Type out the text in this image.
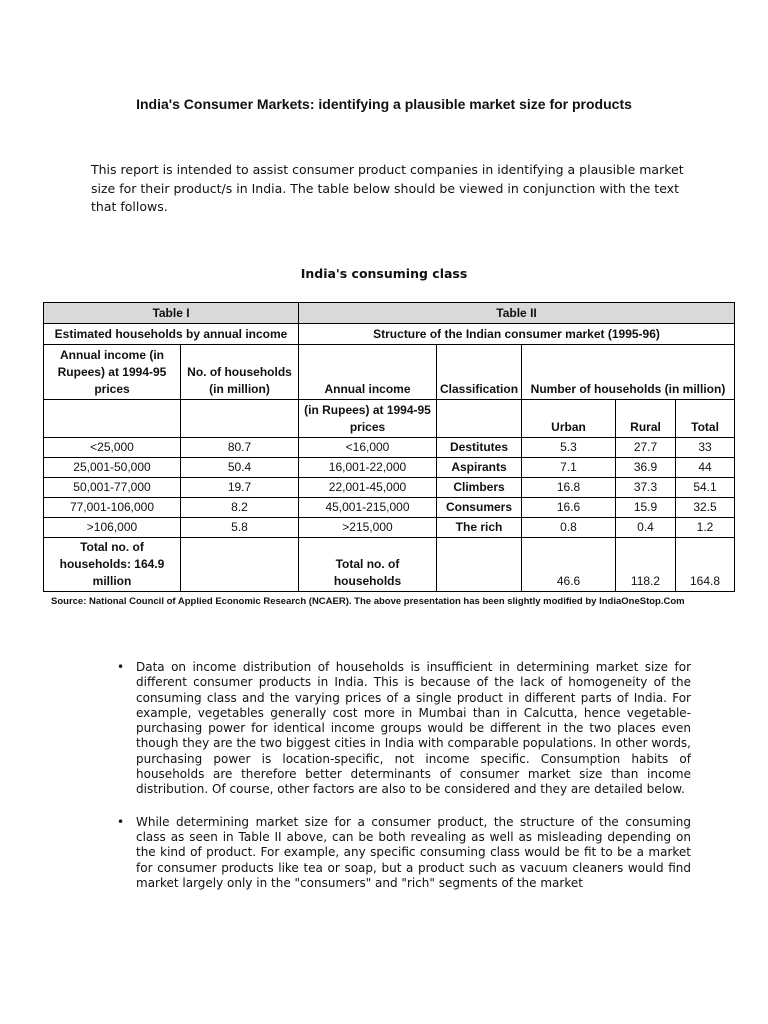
India's Consumer Markets: identifying a plausible market size for products
This report is intended to assist consumer product companies in identifying a plausible market size for their product/s in India. The table below should be viewed in conjunction with the text that follows.
India's consuming class
Table I		Table II				
Estimated households by annual income		Structure of the Indian consumer market (1995-96)				
Annual income (in Rupees) at 1994-95 prices	No. of households (in million)	Annual income	Classification	Number of households (in million)		
		(in Rupees) at 1994-95 prices		Urban	Rural	Total
<25,000	80.7	<16,000	Destitutes	5.3	27.7	33
25,001-50,000	50.4	16,001-22,000	Aspirants	7.1	36.9	44
50,001-77,000	19.7	22,001-45,000	Climbers	16.8	37.3	54.1
77,001-106,000	8.2	45,001-215,000	Consumers	16.6	15.9	32.5
>106,000	5.8	>215,000	The rich	0.8	0.4	1.2
Total no. of households: 164.9 million		Total no. of households		46.6	118.2	164.8
Source: National Council of Applied Economic Research (NCAER). The above presentation has been slightly modified by IndiaOneStop.Com
• Data on income distribution of households is insufficient in determining market size for different consumer products in India. This is because of the lack of homogeneity of the consuming class and the varying prices of a single product in different parts of India. For example, vegetables generally cost more in Mumbai than in Calcutta, hence vegetable-purchasing power for identical income groups would be different in the two places even though they are the two biggest cities in India with comparable populations. In other words, purchasing power is location-specific, not income specific. Consumption habits of households are therefore better determinants of consumer market size than income distribution. Of course, other factors are also to be considered and they are detailed below.
• While determining market size for a consumer product, the structure of the consuming class as seen in Table II above, can be both revealing as well as misleading depending on the kind of product. For example, any specific consuming class would be fit to be a market for consumer products like tea or soap, but a product such as vacuum cleaners would find market largely only in the "consumers" and "rich" segments of the market
